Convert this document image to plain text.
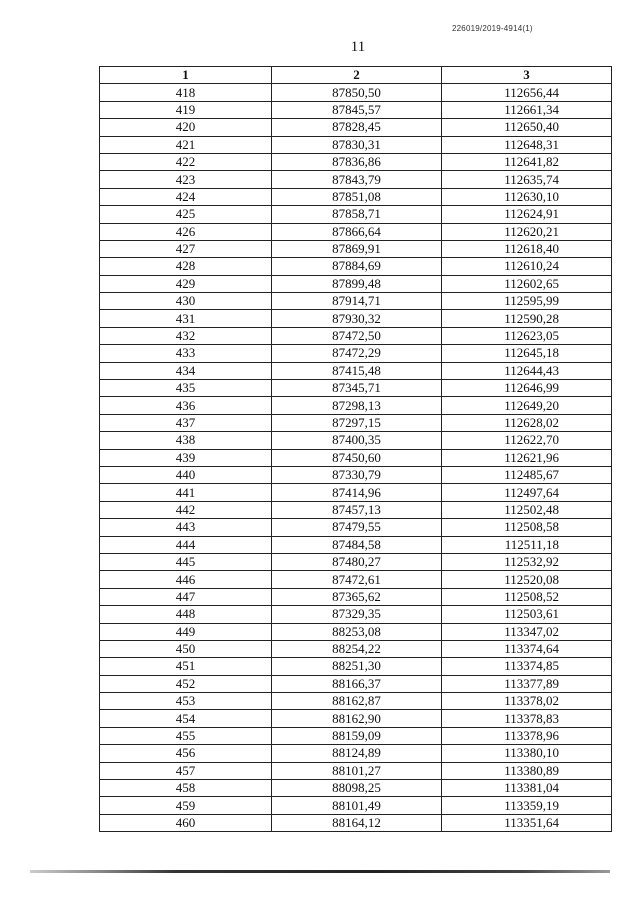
226019/2019-4914(1)
11
1	2	3
418	87850,50	112656,44
419	87845,57	112661,34
420	87828,45	112650,40
421	87830,31	112648,31
422	87836,86	112641,82
423	87843,79	112635,74
424	87851,08	112630,10
425	87858,71	112624,91
426	87866,64	112620,21
427	87869,91	112618,40
428	87884,69	112610,24
429	87899,48	112602,65
430	87914,71	112595,99
431	87930,32	112590,28
432	87472,50	112623,05
433	87472,29	112645,18
434	87415,48	112644,43
435	87345,71	112646,99
436	87298,13	112649,20
437	87297,15	112628,02
438	87400,35	112622,70
439	87450,60	112621,96
440	87330,79	112485,67
441	87414,96	112497,64
442	87457,13	112502,48
443	87479,55	112508,58
444	87484,58	112511,18
445	87480,27	112532,92
446	87472,61	112520,08
447	87365,62	112508,52
448	87329,35	112503,61
449	88253,08	113347,02
450	88254,22	113374,64
451	88251,30	113374,85
452	88166,37	113377,89
453	88162,87	113378,02
454	88162,90	113378,83
455	88159,09	113378,96
456	88124,89	113380,10
457	88101,27	113380,89
458	88098,25	113381,04
459	88101,49	113359,19
460	88164,12	113351,64
